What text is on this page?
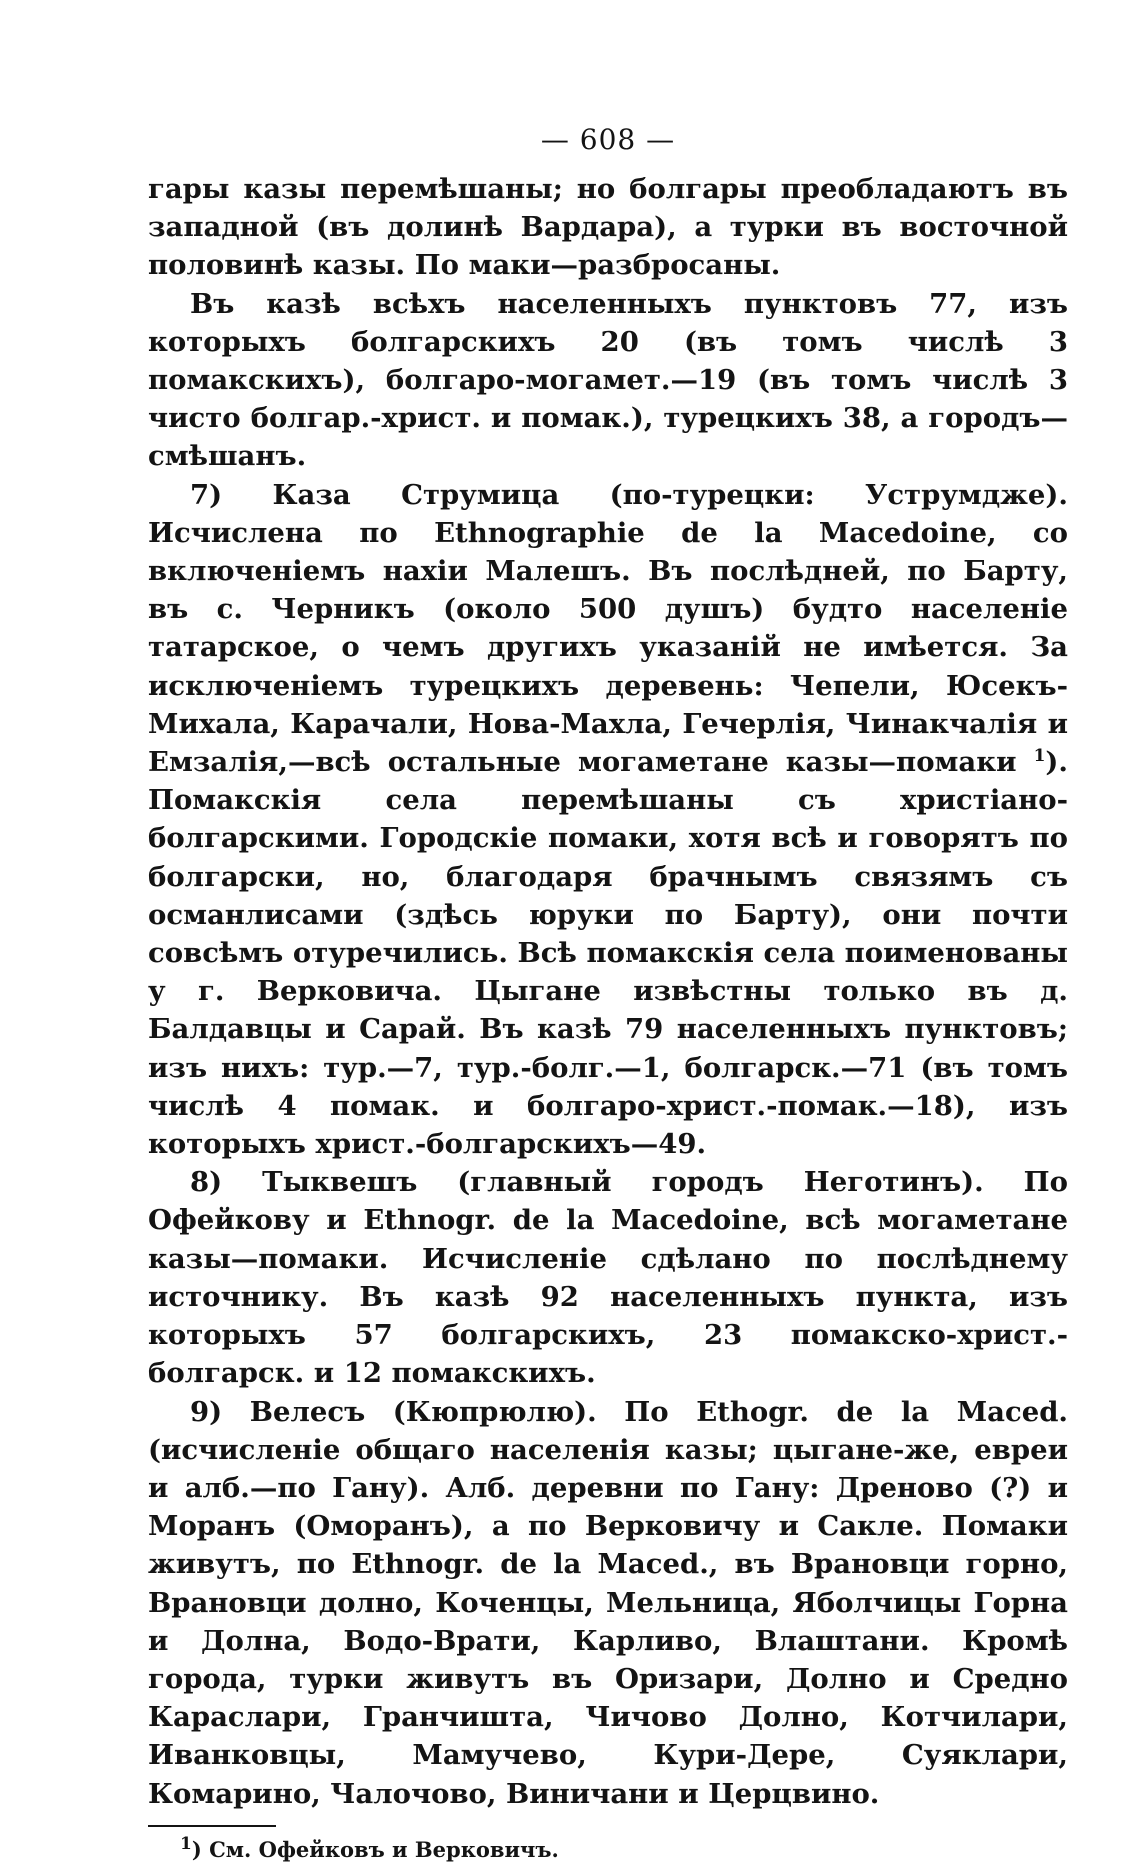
— 608 —

гары казы перемѣшаны; но болгары преобладаютъ въ западной (въ долинѣ Вардара), а турки въ восточной половинѣ казы. По маки—разбросаны.

Въ казѣ всѣхъ населенныхъ пунктовъ 77, изъ которыхъ болгарскихъ 20 (въ томъ числѣ 3 помакскихъ), болгаро-могамет.—19 (въ томъ числѣ 3 чисто болгар.-христ. и помак.), турецкихъ 38, а городъ—смѣшанъ.

7) Каза Струмица (по-турецки: Уструмдже). Исчислена по Ethnographie de la Macedoine, со включеніемъ нахіи Малешъ. Въ послѣдней, по Барту, въ с. Черникъ (около 500 душъ) будто населеніе татарское, о чемъ другихъ указаній не имѣется. За исключеніемъ турецкихъ деревень: Чепели, Юсекъ-Михала, Карачали, Нова-Махла, Гечерлія, Чинакчалія и Емзалія,—всѣ остальные могаметане казы—помаки $^1$). Помакскія села перемѣшаны съ христіано-болгарскими. Городскіе помаки, хотя всѣ и говорятъ по болгарски, но, благодаря брачнымъ связямъ съ османлисами (здѣсь юруки по Барту), они почти совсѣмъ отуречились. Всѣ помакскія села поименованы у г. Верковича. Цыгане извѣстны только въ д. Балдавцы и Сарай. Въ казѣ 79 населенныхъ пунктовъ; изъ нихъ: тур.—7, тур.-болг.—1, болгарск.—71 (въ томъ числѣ 4 помак. и болгаро-христ.-помак.—18), изъ которыхъ христ.-болгарскихъ—49.

8) Тыквешъ (главный городъ Неготинъ). По Офейкову и Ethnogr. de la Macedoine, всѣ могаметане казы—помаки. Исчисленіе сдѣлано по послѣднему источнику. Въ казѣ 92 населенныхъ пункта, изъ которыхъ 57 болгарскихъ, 23 помакско-христ.-болгарск. и 12 помакскихъ.

9) Велесъ (Кюпрюлю). По Ethogr. de la Maced. (исчисленіе общаго населенія казы; цыгане-же, евреи и алб.—по Гану). Алб. деревни по Гану: Дреново (?) и Моранъ (Оморанъ), а по Верковичу и Сакле. Помаки живутъ, по Ethnogr. de la Maced., въ Врановци горно, Врановци долно, Коченцы, Мельница, Яболчицы Горна и Долна, Водо-Врати, Карливо, Влаштани. Кромѣ города, турки живутъ въ Оризари, Долно и Средно Караслари, Гранчишта, Чичово Долно, Котчилари, Иванковцы, Мамучево, Кури-Дере, Суяклари, Комарино, Чалочово, Виничани и Церцвино.

$^1$) См. Офейковъ и Верковичъ.
